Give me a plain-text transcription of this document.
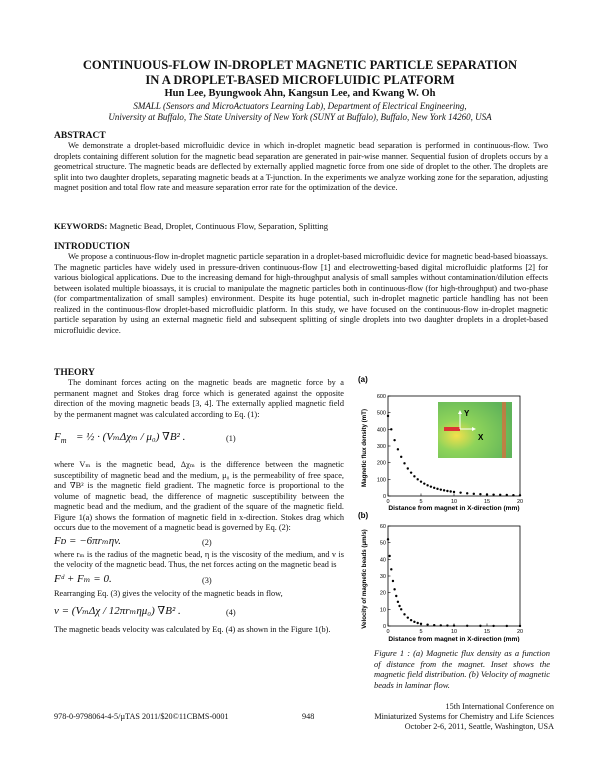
CONTINUOUS-FLOW IN-DROPLET MAGNETIC PARTICLE SEPARATION
IN A DROPLET-BASED MICROFLUIDIC PLATFORM
Hun Lee, Byungwook Ahn, Kangsun Lee, and Kwang W. Oh
SMALL (Sensors and MicroActuators Learning Lab), Department of Electrical Engineering,
University at Buffalo, The State University of New York (SUNY at Buffalo), Buffalo, New York 14260, USA
ABSTRACT
We demonstrate a droplet-based microfluidic device in which in-droplet magnetic bead separation is performed in continuous-flow. Two droplets containing different solution for the magnetic bead separation are generated in pair-wise manner. Sequential fusion of droplets occurs by a geometrical structure. The magnetic beads are deflected by externally applied magnetic force from one side of droplet to the other. The droplets are split into two daughter droplets, separating magnetic beads at a T-junction. In the experiments we analyze working zone for the separation, adjusting magnet position and total flow rate and measure separation error rate for the optimization of the device.
KEYWORDS: Magnetic Bead, Droplet, Continuous Flow, Separation, Splitting
INTRODUCTION
We propose a continuous-flow in-droplet magnetic particle separation in a droplet-based microfluidic device for magnetic bead-based bioassays. The magnetic particles have widely used in pressure-driven continuous-flow [1] and electrowetting-based digital microfluidic platforms [2] for various biological applications. Due to the increasing demand for high-throughput analysis of small samples without contamination/dilution effects between isolated multiple bioassays, it is crucial to manipulate the magnetic particles both in continuous-flow (for high-throughput) and two-phase (for compartmentalization of small samples) environment. Despite its huge potential, such in-droplet magnetic particle handling has not been realized in the continuous-flow droplet-based microfluidic platform. In this study, we have focused on the continuous-flow in-droplet magnetic particle separation by using an external magnetic field and subsequent splitting of single droplets into two daughter droplets in a droplet-based microfluidic device.
THEORY

The dominant forces acting on the magnetic beads are magnetic force by a permanent magnet and Stokes drag force which is generated against the opposite direction of the moving magnetic beads [3, 4]. The externally applied magnetic field by the permanent magnet was calculated according to Eq. (1):

$F_m$ = ½ · (VₘΔχₘ / μ₀) ∇B² .	(1)

where Vₘ is the magnetic bead, Δχₘ is the difference between the magnetic susceptibility of magnetic bead and the medium, μ₀ is the permeability of free space, and ∇B² is the magnetic field gradient. The magnetic force is proportional to the volume of magnetic bead, the difference of magnetic susceptibility between the magnetic bead and the medium, and the gradient of the square of the magnetic field. Figure 1(a) shows the formation of magnetic field in x-direction. Stokes drag which occurs due to the movement of a magnetic bead is governed by Eq. (2):

Fᴅ = −6πrₘηv.	(2)

where rₘ is the radius of the magnetic bead, η is the viscosity of the medium, and v is the velocity of the magnetic bead. Thus, the net forces acting on the magnetic bead is

Fᵈ + Fₘ = 0.	(3)

Rearranging Eq. (3) gives the velocity of the magnetic beads in flow,

v = (VₘΔχ / 12πrₘημ₀) ∇B² .	(4)

The magnetic beads velocity was calculated by Eq. (4) as shown in the Figure 1(b).

(a)
Magnetic flux density (mT)
0	5	10	15	20
0
100
200
300
400
500
600
Y
X
Distance from magnet in X-direction (mm)
(b)
Velocity of magnetic beads (µm/s)
0	5	10	15	20
0
10
20
30
40
50
60
Distance from magnet in X-direction (mm)
Figure 1 : (a) Magnetic flux density as a function of distance from the magnet. Inset shows the magnetic field distribution. (b) Velocity of magnetic beads in laminar flow.
978-0-9798064-4-5/µTAS 2011/$20©11CBMS-0001	948
15th International Conference on
Miniaturized Systems for Chemistry and Life Sciences
October 2-6, 2011, Seattle, Washington, USA
